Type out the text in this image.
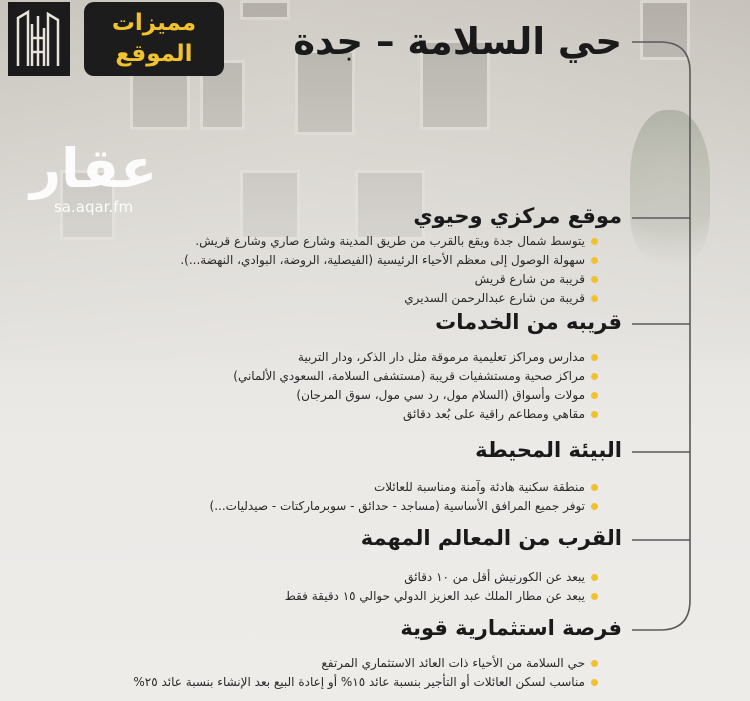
مميزات
الموقع	حي السلامة – جدة
عقار
sa.aqar.fm	موقع مركزي وحيوي
يتوسط شمال جدة ويقع بالقرب من طريق المدينة وشارع صاري وشارع قريش.
سهولة الوصول إلى معظم الأحياء الرئيسية (الفيصلية، الروضة، البوادي، النهضة...).
قريبة من شارع قريش
قريبة من شارع عبدالرحمن السديري
قريبه من الخدمات
مدارس ومراكز تعليمية مرموقة مثل دار الذكر، ودار التربية
مراكز صحية ومستشفيات قريبة (مستشفى السلامة، السعودي الألماني)
مولات وأسواق (السلام مول، رد سي مول، سوق المرجان)
مقاهي ومطاعم راقية على بُعد دقائق
البيئة المحيطة
منطقة سكنية هادئة وآمنة ومناسبة للعائلات
توفر جميع المرافق الأساسية (مساجد - حدائق - سوبرماركتات - صيدليات...)
القرب من المعالم المهمة
يبعد عن الكورنيش أقل من ١٠ دقائق
يبعد عن مطار الملك عبد العزيز الدولي حوالي ١٥ دقيقة فقط
فرصة استثمارية قوية
حي السلامة من الأحياء ذات العائد الاستثماري المرتفع
مناسب لسكن العائلات أو التأجير بنسبة عائد ١٥% أو إعادة البيع بعد الإنشاء بنسبة عائد ٢٥%
